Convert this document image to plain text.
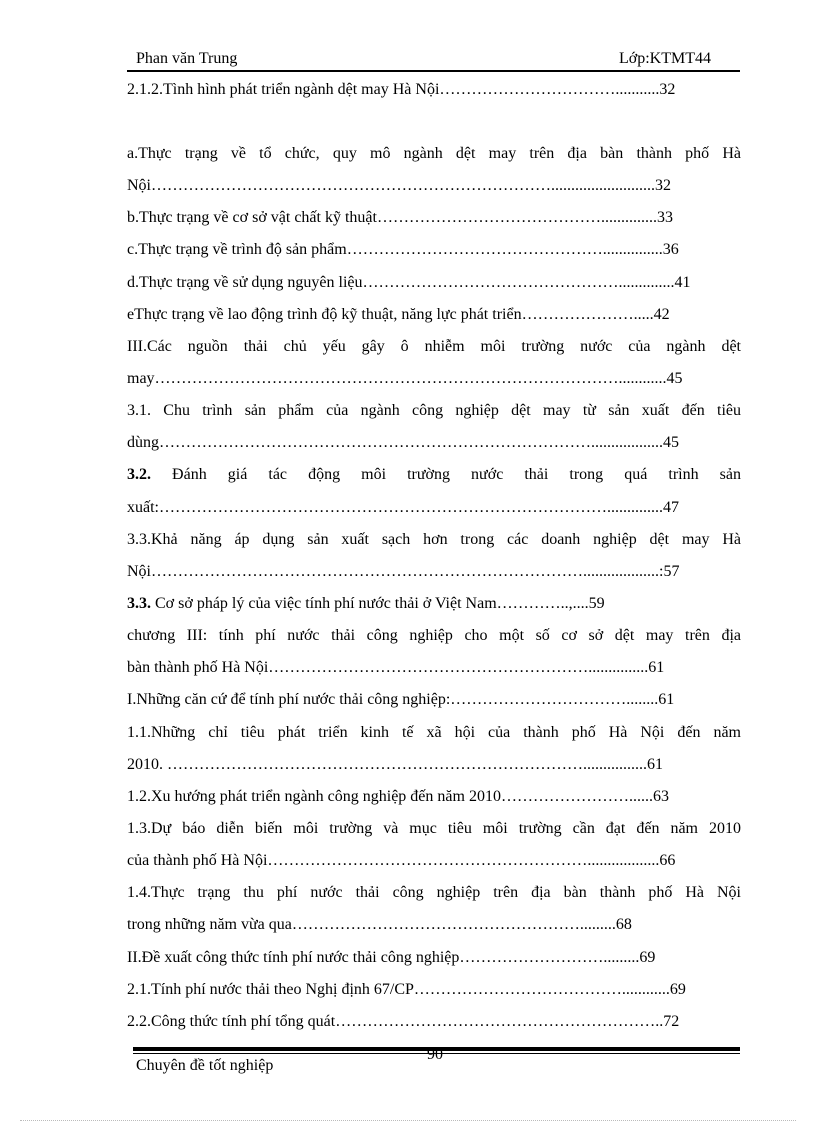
Phan văn Trung	Lớp:KTMT44
2.1.2.Tình hình phát triển ngành dệt may Hà Nội……………………………...........32
a.Thực trạng về tổ chức, quy mô ngành dệt may trên địa bàn thành phố Hà
Nội…………………………………………………………………..........................32
b.Thực trạng về cơ sở vật chất kỹ thuật……………………………………..............33
c.Thực trạng về trình độ sản phẩm…………………………………………...............36
d.Thực trạng về sử dụng nguyên liệu…………………………………………..............41
eThực trạng về lao động trình độ kỹ thuật, năng lực phát triển………………….....42
III.Các nguồn thải chủ yếu gây ô nhiễm môi trường nước của ngành dệt
may……………………………………………………………………………............45
3.1. Chu trình sản phẩm của ngành công nghiệp dệt may từ sản xuất đến tiêu
dùng………………………………………………………………………..................45
3.2. Đánh giá tác động môi trường nước thải trong quá trình sản
xuất:…………………………………………………………………………..............47
3.3.Khả năng áp dụng sản xuất sạch hơn trong các doanh nghiệp dệt may Hà
Nội………………………………………………………………………...................:57
3.3. Cơ sở pháp lý của việc tính phí nước thải ở Việt Nam…………..,....59
chương III: tính phí nước thải công nghiệp cho một số cơ sở dệt may trên địa
bàn thành phố Hà Nội……………………………………………………...............61
I.Những căn cứ để tính phí nước thải công nghiệp:……………………………........61
1.1.Những chỉ tiêu phát triển kinh tế xã hội của thành phố Hà Nội đến năm
2010. ……………………………………………………………………................61
1.2.Xu hướng phát triển ngành công nghiệp đến năm 2010……………………......63
1.3.Dự báo diễn biến môi trường và mục tiêu môi trường cần đạt đến năm 2010
của thành phố Hà Nội……………………………………………………..................66
1.4.Thực trạng thu phí nước thải công nghiệp trên địa bàn thành phố Hà Nội
trong những năm vừa qua……………………………………………….........68
II.Đề xuất công thức tính phí nước thải công nghiệp……………………….........69
2.1.Tính phí nước thải theo Nghị định 67/CP…………………………………............69
2.2.Công thức tính phí tổng quát……………………………………………………..72
90
Chuyên đề tốt nghiệp
